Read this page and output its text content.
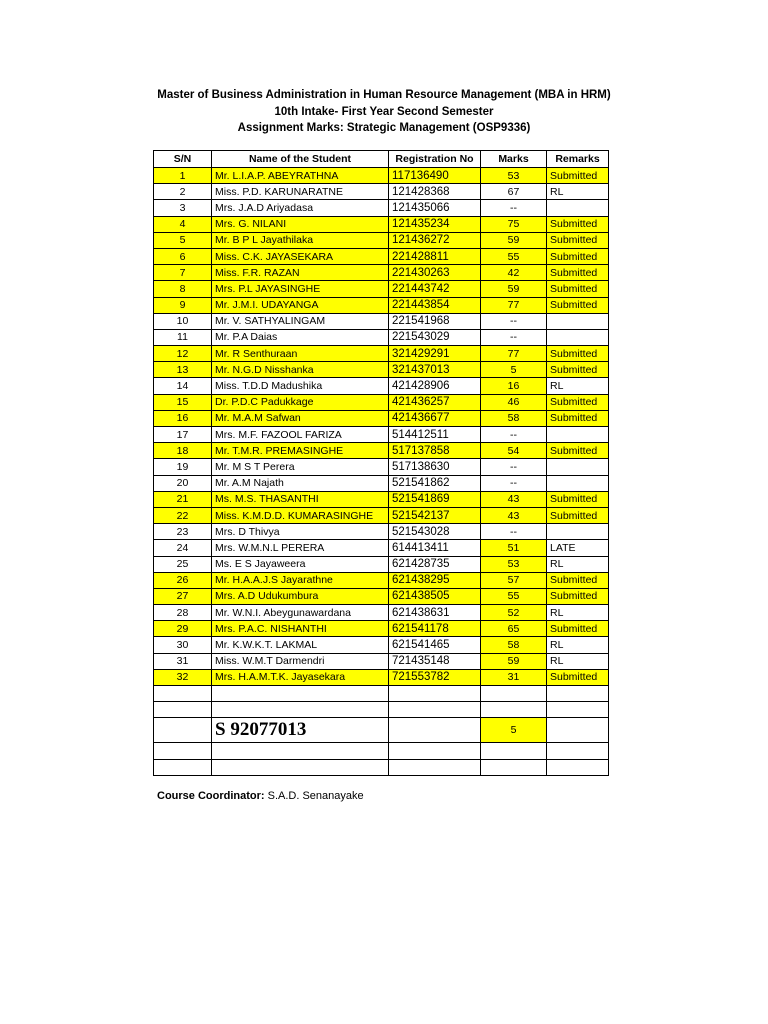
Master of Business Administration in Human Resource Management (MBA in HRM)
10th Intake- First Year Second Semester
Assignment Marks: Strategic Management (OSP9336)
S/N	Name of the Student	Registration No	Marks	Remarks
1	Mr. L.I.A.P. ABEYRATHNA	117136490	53	Submitted
2	Miss. P.D. KARUNARATNE	121428368	67	RL
3	Mrs. J.A.D Ariyadasa	121435066	--	
4	Mrs. G. NILANI	121435234	75	Submitted
5	Mr. B P L Jayathilaka	121436272	59	Submitted
6	Miss. C.K. JAYASEKARA	221428811	55	Submitted
7	Miss. F.R. RAZAN	221430263	42	Submitted
8	Mrs. P.L JAYASINGHE	221443742	59	Submitted
9	Mr. J.M.I. UDAYANGA	221443854	77	Submitted
10	Mr. V. SATHYALINGAM	221541968	--	
11	Mr. P.A Daias	221543029	--	
12	Mr. R Senthuraan	321429291	77	Submitted
13	Mr. N.G.D Nisshanka	321437013	5	Submitted
14	Miss. T.D.D Madushika	421428906	16	RL
15	Dr. P.D.C Padukkage	421436257	46	Submitted
16	Mr. M.A.M Safwan	421436677	58	Submitted
17	Mrs. M.F. FAZOOL FARIZA	514412511	--	
18	Mr. T.M.R. PREMASINGHE	517137858	54	Submitted
19	Mr. M S T Perera	517138630	--	
20	Mr. A.M Najath	521541862	--	
21	Ms. M.S. THASANTHI	521541869	43	Submitted
22	Miss. K.M.D.D. KUMARASINGHE	521542137	43	Submitted
23	Mrs. D Thivya	521543028	--	
24	Mrs. W.M.N.L PERERA	614413411	51	LATE
25	Ms. E S Jayaweera	621428735	53	RL
26	Mr. H.A.A.J.S Jayarathne	621438295	57	Submitted
27	Mrs. A.D Udukumbura	621438505	55	Submitted
28	Mr. W.N.I. Abeygunawardana	621438631	52	RL
29	Mrs. P.A.C. NISHANTHI	621541178	65	Submitted
30	Mr. K.W.K.T. LAKMAL	621541465	58	RL
31	Miss. W.M.T Darmendri	721435148	59	RL
32	Mrs. H.A.M.T.K. Jayasekara	721553782	31	Submitted

	S 92077013		5	

Course Coordinator: S.A.D. Senanayake
